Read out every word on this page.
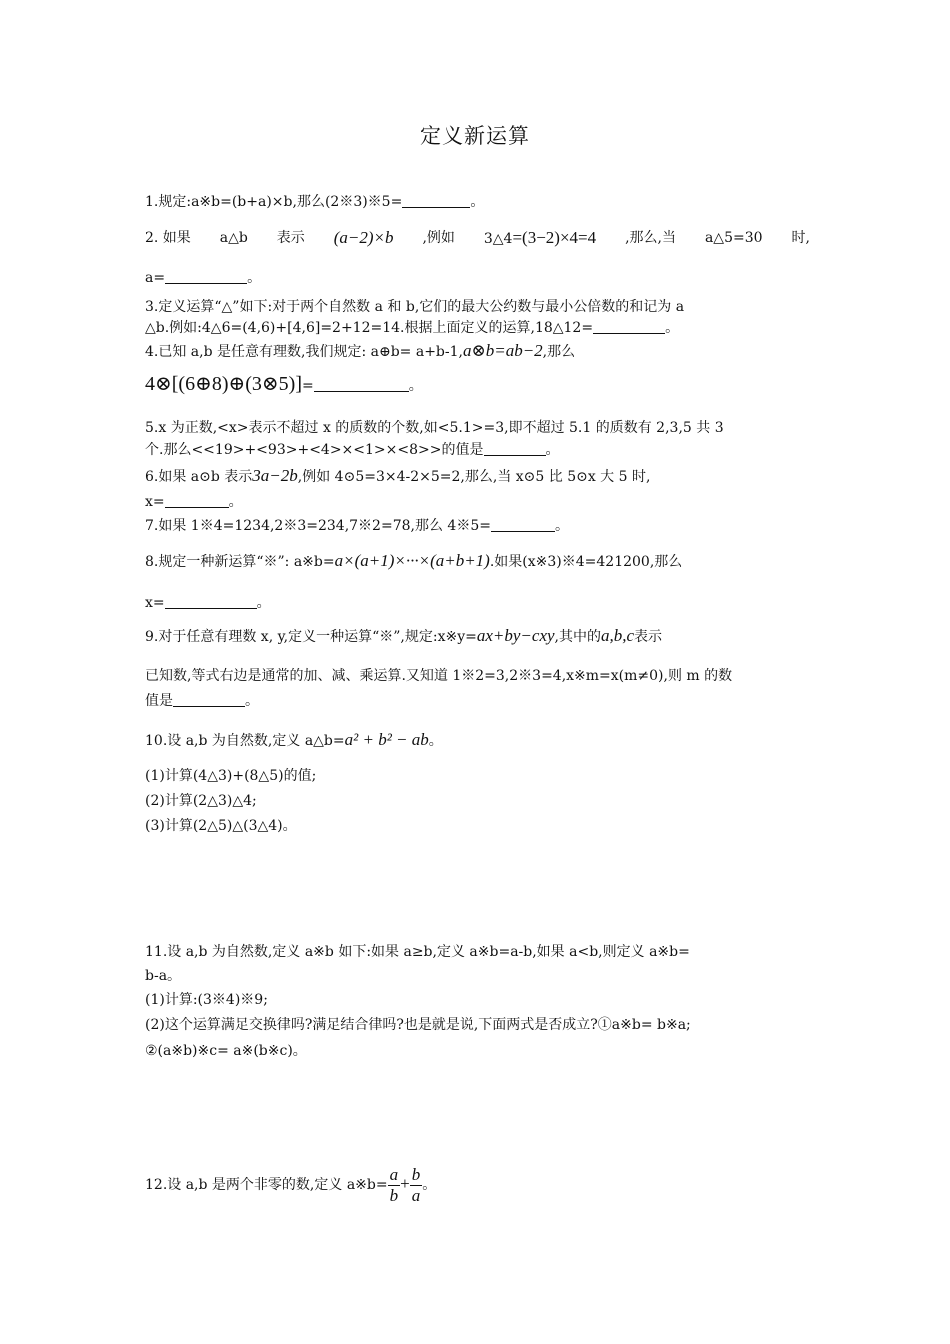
定义新运算
1.规定:a※b=(b+a)×b,那么(2※3)※5=	。
2. 如果 a△b 表示 (a−2)×b ,例如 3△4=(3−2)×4=4 ,那么,当 a△5=30 时,
a=	。
3.定义运算“△”如下:对于两个自然数 a 和 b,它们的最大公约数与最小公倍数的和记为 a
△b.例如:4△6=(4,6)+[4,6]=2+12=14.根据上面定义的运算,18△12=	。
4.已知 a,b 是任意有理数,我们规定: a⊕b= a+b-1,a⊗b=ab−2,那么
4⊗[(6⊕8)⊕(3⊗5)]=	。
5.x 为正数,<x>表示不超过 x 的质数的个数,如<5.1>=3,即不超过 5.1 的质数有 2,3,5 共 3
个.那么<<19>+<93>+<4>×<1>×<8>>的值是	。
6.如果 a⊙b 表示3a−2b,例如 4⊙5=3×4-2×5=2,那么,当 x⊙5 比 5⊙x 大 5 时,
x=	。
7.如果 1※4=1234,2※3=234,7※2=78,那么 4※5=	。
8.规定一种新运算“※”: a※b=a×(a+1)×···×(a+b+1).如果(x※3)※4=421200,那么
x=	。
9.对于任意有理数 x, y,定义一种运算“※”,规定:x※y=ax+by−cxy,其中的a,b,c表示
已知数,等式右边是通常的加、减、乘运算.又知道 1※2=3,2※3=4,x※m=x(m≠0),则 m 的数
值是	。
10.设 a,b 为自然数,定义 a△b=a² + b² − ab。
(1)计算(4△3)+(8△5)的值;
(2)计算(2△3)△4;
(3)计算(2△5)△(3△4)。
11.设 a,b 为自然数,定义 a※b 如下:如果 a≥b,定义 a※b=a-b,如果 a<b,则定义 a※b=
b-a。
(1)计算:(3※4)※9;
(2)这个运算满足交换律吗?满足结合律吗?也是就是说,下面两式是否成立?①a※b= b※a;
②(a※b)※c= a※(b※c)。
12.设 a,b 是两个非零的数,定义 a※b= $\frac{a}{b} + \frac{b}{a}$ 。
